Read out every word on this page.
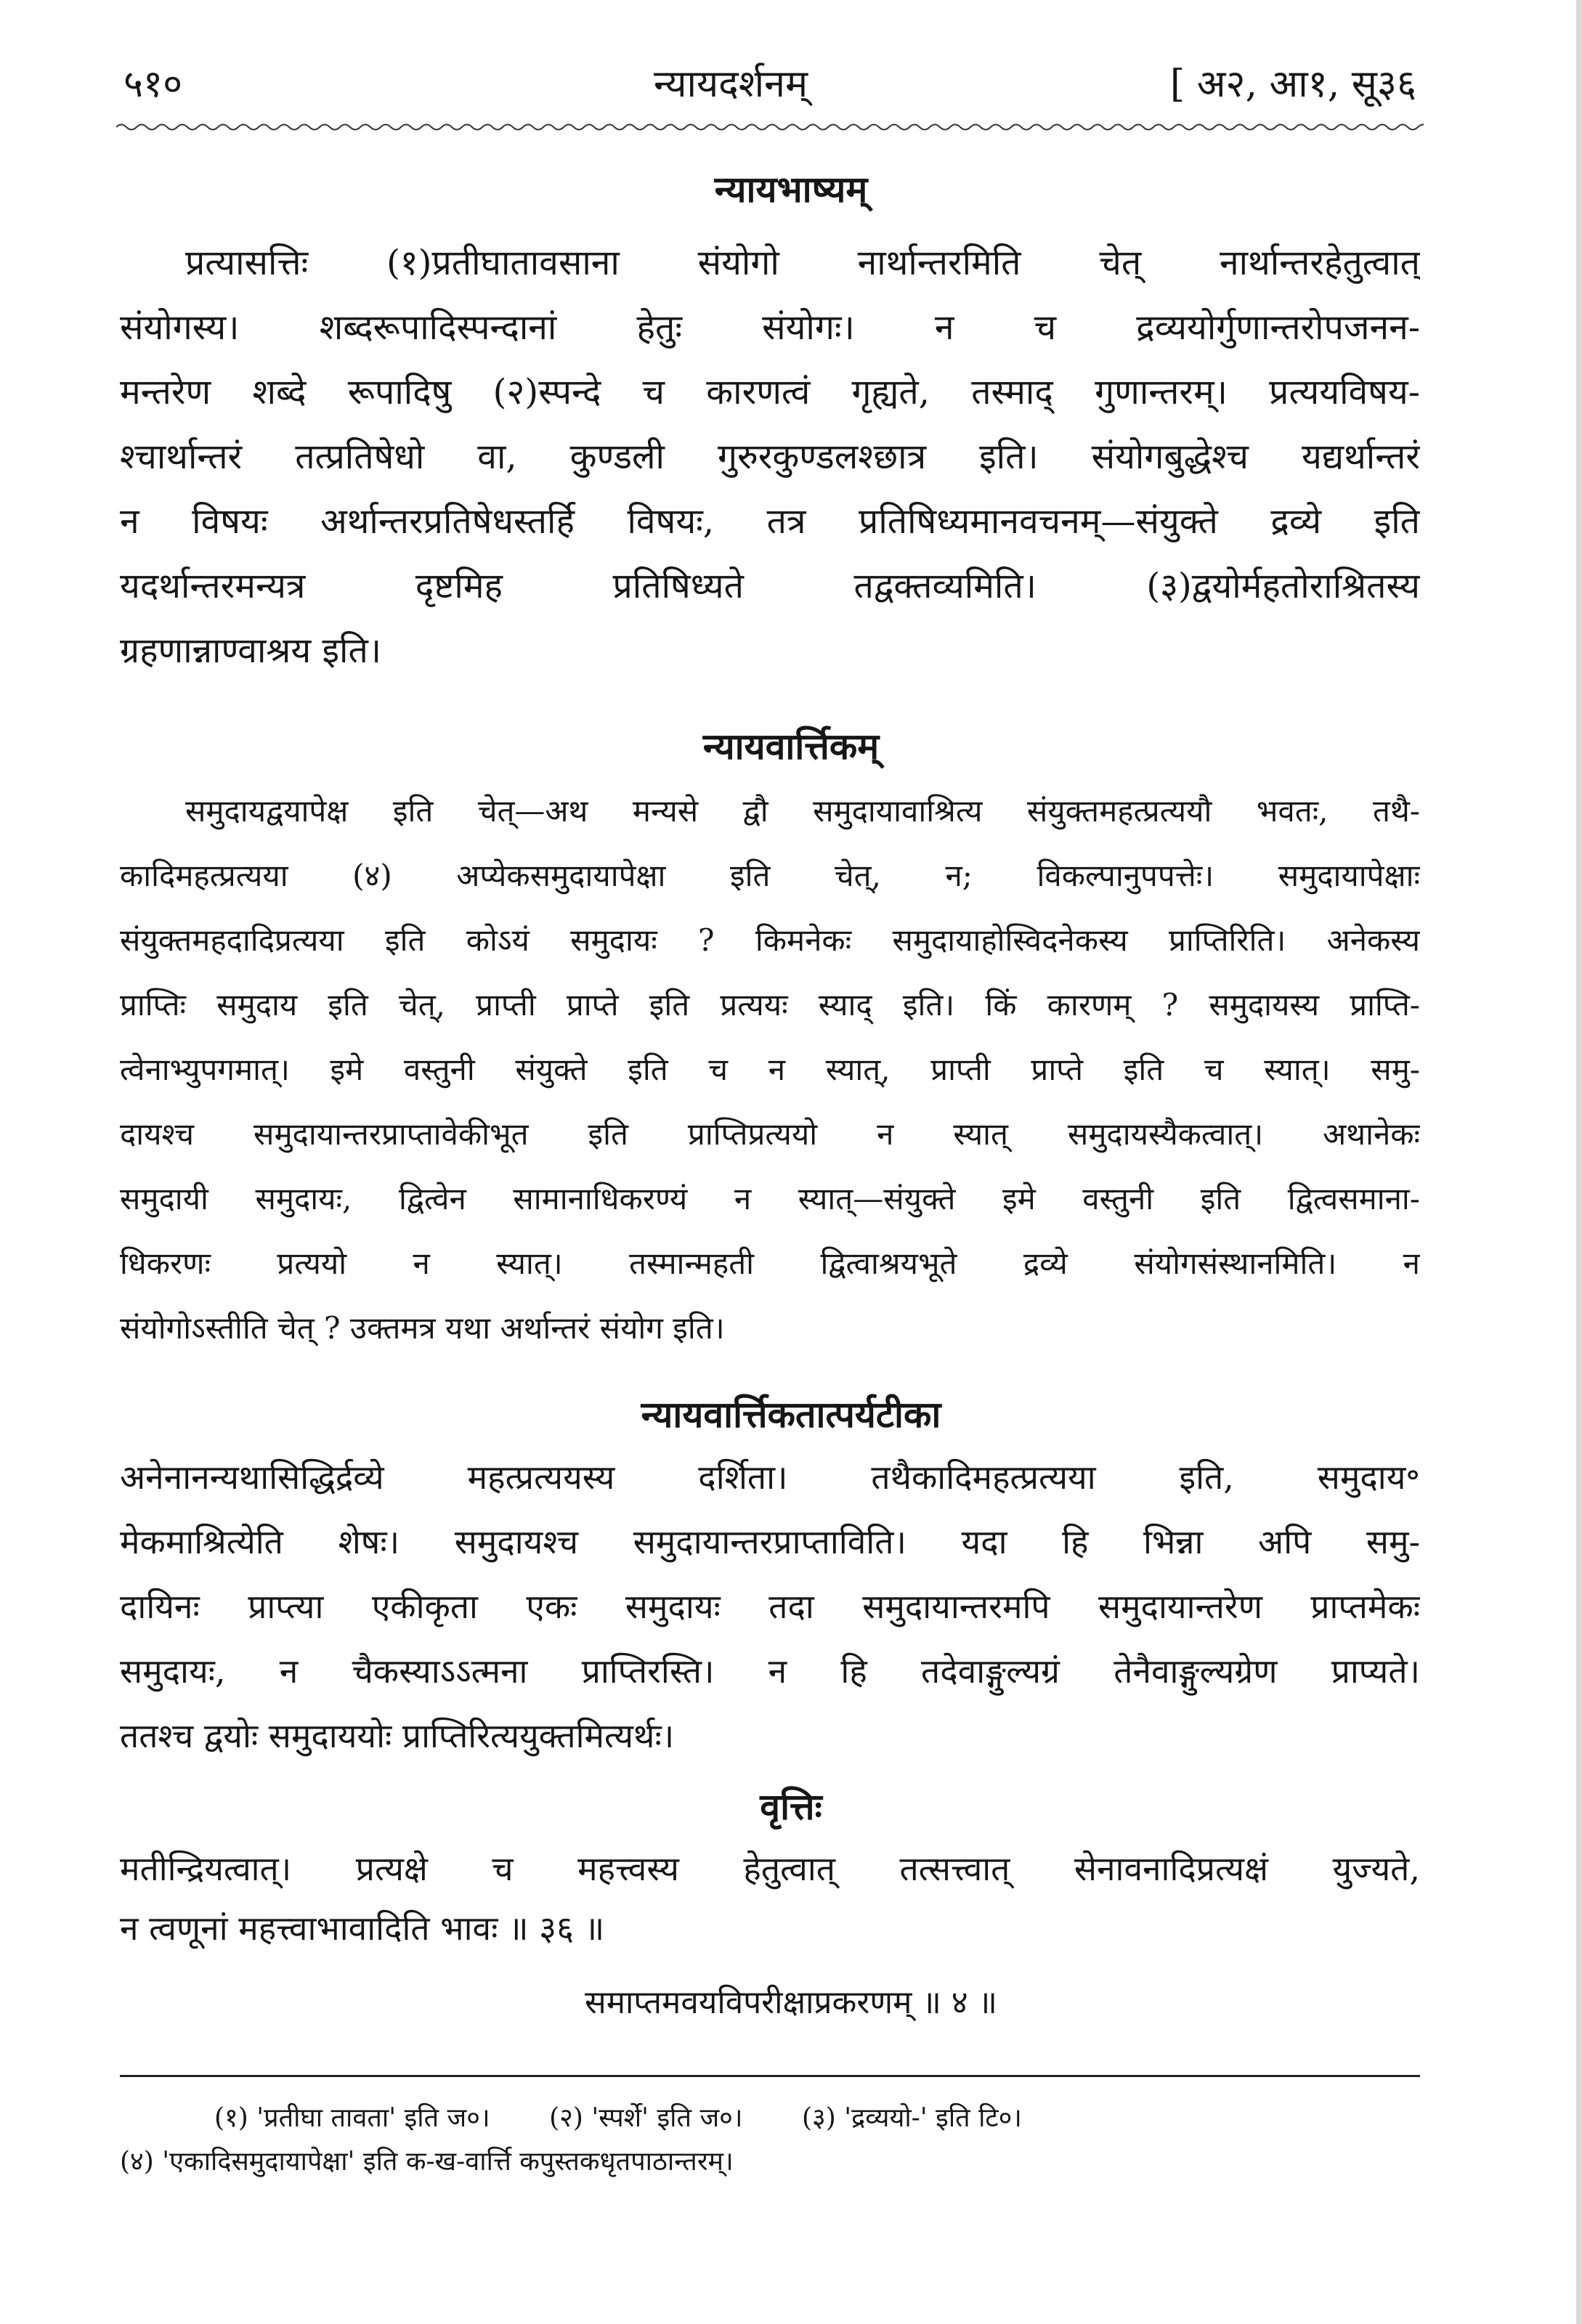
५१०	न्यायदर्शनम्	[ अ२, आ१, सू३६
न्यायभाष्यम्
प्रत्यासत्तिः (१)प्रतीघातावसाना संयोगो नार्थान्तरमिति चेत् नार्थान्तरहेतुत्वात्
संयोगस्य। शब्दरूपादिस्पन्दानां हेतुः संयोगः। न च द्रव्ययोर्गुणान्तरोपजनन-
मन्तरेण शब्दे रूपादिषु (२)स्पन्दे च कारणत्वं गृह्यते, तस्माद् गुणान्तरम्। प्रत्ययविषय-
श्चार्थान्तरं तत्प्रतिषेधो वा, कुण्डली गुरुरकुण्डलश्छात्र इति। संयोगबुद्धेश्च यद्यर्थान्तरं
न विषयः अर्थान्तरप्रतिषेधस्तर्हि विषयः, तत्र प्रतिषिध्यमानवचनम्—संयुक्ते द्रव्ये इति
यदर्थान्तरमन्यत्र दृष्टमिह प्रतिषिध्यते तद्वक्तव्यमिति। (३)द्वयोर्महतोराश्रितस्य
ग्रहणान्नाण्वाश्रय इति।
न्यायवार्त्तिकम्
समुदायद्वयापेक्ष इति चेत्—अथ मन्यसे द्वौ समुदायावाश्रित्य संयुक्तमहत्प्रत्ययौ भवतः, तथै-
कादिमहत्प्रत्यया (४) अप्येकसमुदायापेक्षा इति चेत्, न; विकल्पानुपपत्तेः। समुदायापेक्षाः
संयुक्तमहदादिप्रत्यया इति कोऽयं समुदायः ? किमनेकः समुदायाहोस्विदनेकस्य प्राप्तिरिति। अनेकस्य
प्राप्तिः समुदाय इति चेत्, प्राप्ती प्राप्ते इति प्रत्ययः स्याद् इति। किं कारणम् ? समुदायस्य प्राप्ति-
त्वेनाभ्युपगमात्। इमे वस्तुनी संयुक्ते इति च न स्यात्, प्राप्ती प्राप्ते इति च स्यात्। समु-
दायश्च समुदायान्तरप्राप्तावेकीभूत इति प्राप्तिप्रत्ययो न स्यात् समुदायस्यैकत्वात्। अथानेकः
समुदायी समुदायः, द्वित्वेन सामानाधिकरण्यं न स्यात्—संयुक्ते इमे वस्तुनी इति द्वित्वसमाना-
धिकरणः प्रत्ययो न स्यात्। तस्मान्महती द्वित्वाश्रयभूते द्रव्ये संयोगसंस्थानमिति। न
संयोगोऽस्तीति चेत् ? उक्तमत्र यथा अर्थान्तरं संयोग इति।
न्यायवार्त्तिकतात्पर्यटीका
अनेनानन्यथासिद्धिर्द्रव्ये महत्प्रत्ययस्य दर्शिता। तथैकादिमहत्प्रत्यया इति, समुदाय॰
मेकमाश्रित्येति शेषः। समुदायश्च समुदायान्तरप्राप्ताविति। यदा हि भिन्ना अपि समु-
दायिनः प्राप्त्या एकीकृता एकः समुदायः तदा समुदायान्तरमपि समुदायान्तरेण प्राप्तमेकः
समुदायः, न चैकस्याऽऽत्मना प्राप्तिरस्ति। न हि तदेवाङ्गुल्यग्रं तेनैवाङ्गुल्यग्रेण प्राप्यते।
ततश्च द्वयोः समुदाययोः प्राप्तिरित्ययुक्तमित्यर्थः।
वृत्तिः
मतीन्द्रियत्वात्। प्रत्यक्षे च महत्त्वस्य हेतुत्वात् तत्सत्त्वात् सेनावनादिप्रत्यक्षं युज्यते,
न त्वणूनां महत्त्वाभावादिति भावः ॥ ३६ ॥
समाप्तमवयविपरीक्षाप्रकरणम् ॥ ४ ॥
(१) 'प्रतीघा तावता' इति ज०। (२) 'स्पर्शे' इति ज०। (३) 'द्रव्ययो-' इति टि०।
(४) 'एकादिसमुदायापेक्षा' इति क-ख-वार्त्ति कपुस्तकधृतपाठान्तरम्।
